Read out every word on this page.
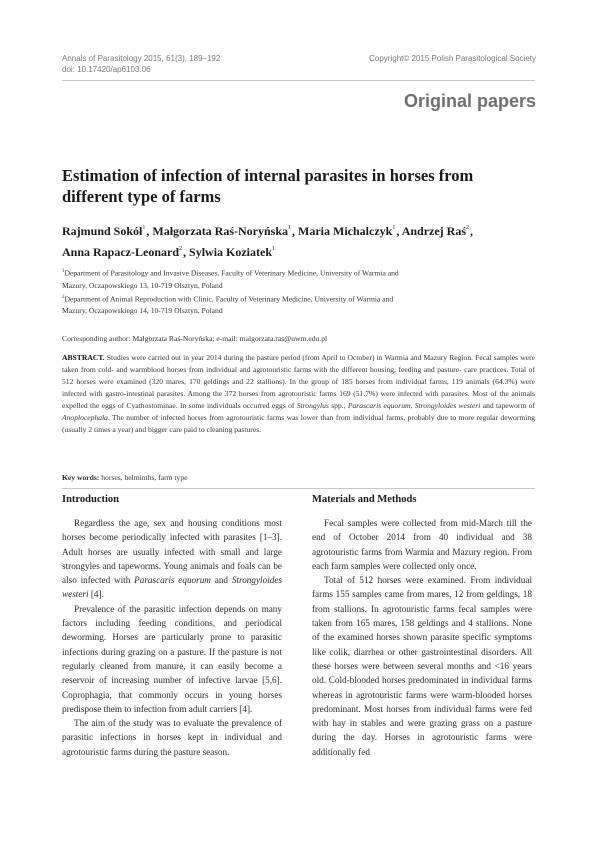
Annals of Parasitology 2015, 61(3), 189–192
doi: 10.17420/ap6103.06
Copyright© 2015 Polish Parasitological Society
Original papers
Estimation of infection of internal parasites in horses from
different type of farms
Rajmund Sokół$^1$, Małgorzata Raś-Noryńska$^1$, Maria Michalczyk$^1$, Andrzej Raś$^2$,
Anna Rapacz-Leonard$^2$, Sylwia Koziatek$^1$
$^1$Department of Parasitology and Invasive Diseases, Faculty of Veterinary Medicine, University of Warmia and
Mazury, Oczapowskiego 13, 10-719 Olsztyn, Poland
$^2$Department of Animal Reproduction with Clinic, Faculty of Veterinary Medicine, University of Warmia and
Mazury, Oczapowskiego 14, 10-719 Olsztyn, Poland
Corresponding author: Małgorzata Raś-Noryńska; e-mail: malgorzata.ras@uwm.edu.pl
ABSTRACT. Studies were carried out in year 2014 during the pasture period (from April to October) in Warmia and Mazury Region. Fecal samples were taken from cold- and warmblood horses from individual and agrotouristic farms with the different housing, feeding and pasture- care practices. Total of 512 horses were examined (320 mares, 170 geldings and 22 stallions). In the group of 185 horses from individual farms, 119 animals (64.3%) were infected with gastro-intestinal parasites. Among the 372 horses from agrotouristic farms 169 (51.7%) were infected with parasites. Most of the animals expelled the eggs of Cyathostominae. In some individuals occurred eggs of Strongylus spp., Parascaris equorum, Strongyloides westeri and tapeworm of Anoplocephala. The number of infected horses from agrotouristic farms was lower than from individual farms, probably due to more regular deworming (usually 2 times a year) and bigger care paid to cleaning pastures.
Key words: horses, helminths, farm type
Introduction

Regardless the age, sex and housing conditions most horses become periodically infected with parasites [1–3]. Adult horses are usually infected with small and large strongyles and tapeworms. Young animals and foals can be also infected with Parascaris equorum and Strongyloides westeri [4].

Prevalence of the parasitic infection depends on many factors including feeding conditions, and periodical deworming. Horses are particularly prone to parasitic infections during grazing on a pasture. If the pasture is not regularly cleaned from manure, it can easily become a reservoir of increasing number of infective larvae [5,6]. Coprophagia, that commonly occurs in young horses predispose them to infection from adult carriers [4].

The aim of the study was to evaluate the prevalence of parasitic infections in horses kept in individual and agrotouristic farms during the pasture season.

Materials and Methods

Fecal samples were collected from mid-March till the end of October 2014 from 40 individual and 38 agrotouristic farms from Warmia and Mazury region. From each farm samples were collected only once.

Total of 512 horses were examined. From individual farms 155 samples came from mares, 12 from geldings, 18 from stallions. In agrotouristic farms fecal samples were taken from 165 mares, 158 geldings and 4 stallions. None of the examined horses shown parasite specific symptoms like colik, diarrhea or other gastrointestinal disorders. All these horses were between several months and <16 years old. Cold-blooded horses predominated in individual farms whereas in agrotouristic farms were warm-blooded horses predominant. Most horses from individual farms were fed with hay in stables and were grazing grass on a pasture during the day. Horses in agrotouristic farms were additionally fed
